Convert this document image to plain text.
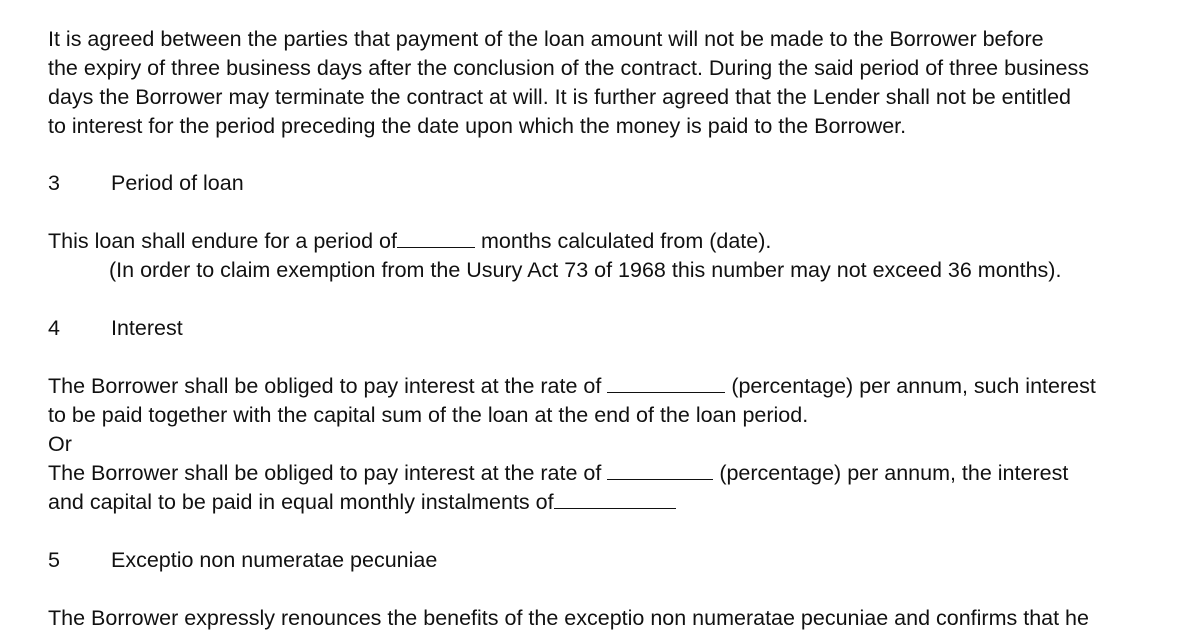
It is agreed between the parties that payment of the loan amount will not be made to the Borrower before
the expiry of three business days after the conclusion of the contract. During the said period of three business
days the Borrower may terminate the contract at will. It is further agreed that the Lender shall not be entitled
to interest for the period preceding the date upon which the money is paid to the Borrower.
3 Period of loan
This loan shall endure for a period of	months calculated from (date).
(In order to claim exemption from the Usury Act 73 of 1968 this number may not exceed 36 months).
4 Interest
The Borrower shall be obliged to pay interest at the rate of	(percentage) per annum, such interest
to be paid together with the capital sum of the loan at the end of the loan period.
Or
The Borrower shall be obliged to pay interest at the rate of	(percentage) per annum, the interest
and capital to be paid in equal monthly instalments of
5 Exceptio non numeratae pecuniae
The Borrower expressly renounces the benefits of the exceptio non numeratae pecuniae and confirms that he
